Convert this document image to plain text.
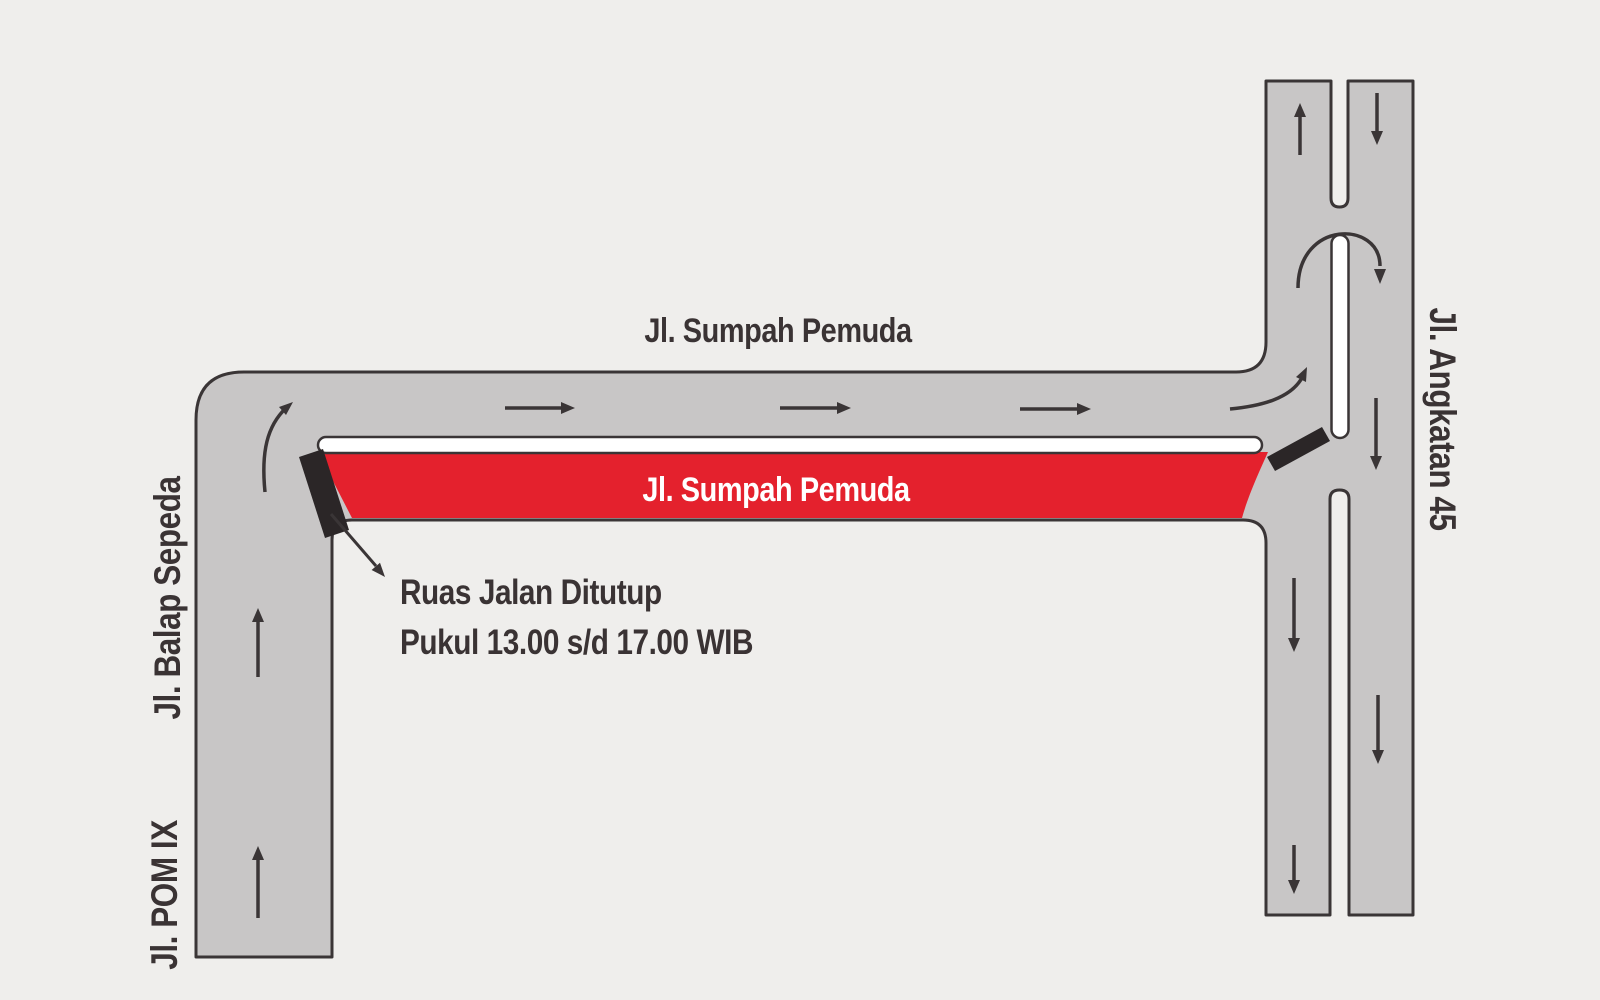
Jl. Sumpah Pemuda
Jl. Sumpah Pemuda
Jl. Balap Sepeda
Jl. POM IX
Jl. Angkatan 45
Ruas Jalan Ditutup
Pukul 13.00 s/d 17.00 WIB
